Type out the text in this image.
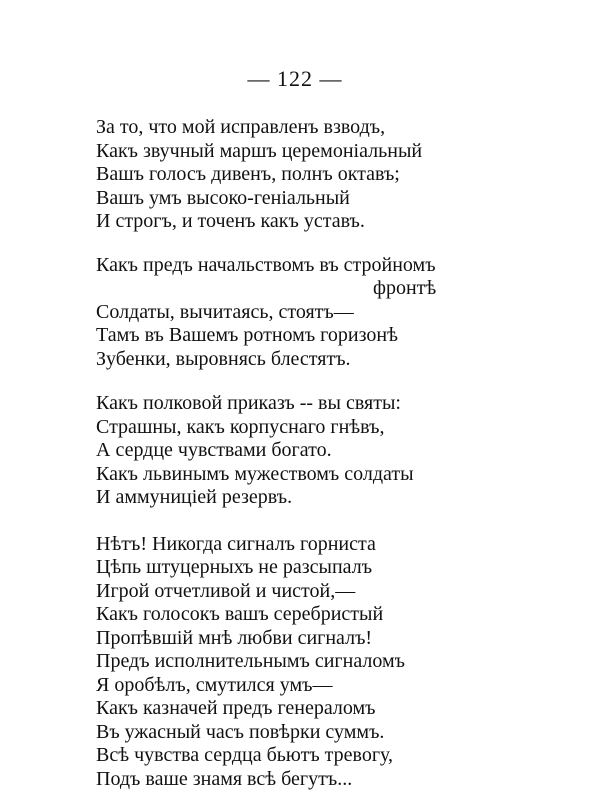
— 122 —
За то, что мой исправленъ взводъ,
Какъ звучный маршъ церемоніальный
Вашъ голосъ дивенъ, полнъ октавъ;
Вашъ умъ высоко-геніальный
И строгъ, и точенъ какъ уставъ.
Какъ предъ начальствомъ въ стройномъ
фронтѣ
Солдаты, вычитаясь, стоятъ—
Тамъ въ Вашемъ ротномъ горизонѣ
Зубенки, выровнясь блестятъ.
Какъ полковой приказъ -- вы святы:
Страшны, какъ корпуснаго гнѣвъ,
А сердце чувствами богато.
Какъ львинымъ мужествомъ солдаты
И аммуниціей резервъ.
Нѣтъ! Никогда сигналъ горниста
Цѣпь штуцерныхъ не разсыпалъ
Игрой отчетливой и чистой,—
Какъ голосокъ вашъ серебристый
Пропѣвшій мнѣ любви сигналъ!
Предъ исполнительнымъ сигналомъ
Я оробѣлъ, смутился умъ—
Какъ казначей предъ генераломъ
Въ ужасный часъ повѣрки суммъ.
Всѣ чувства сердца бьютъ тревогу,
Подъ ваше знамя всѣ бегутъ...
